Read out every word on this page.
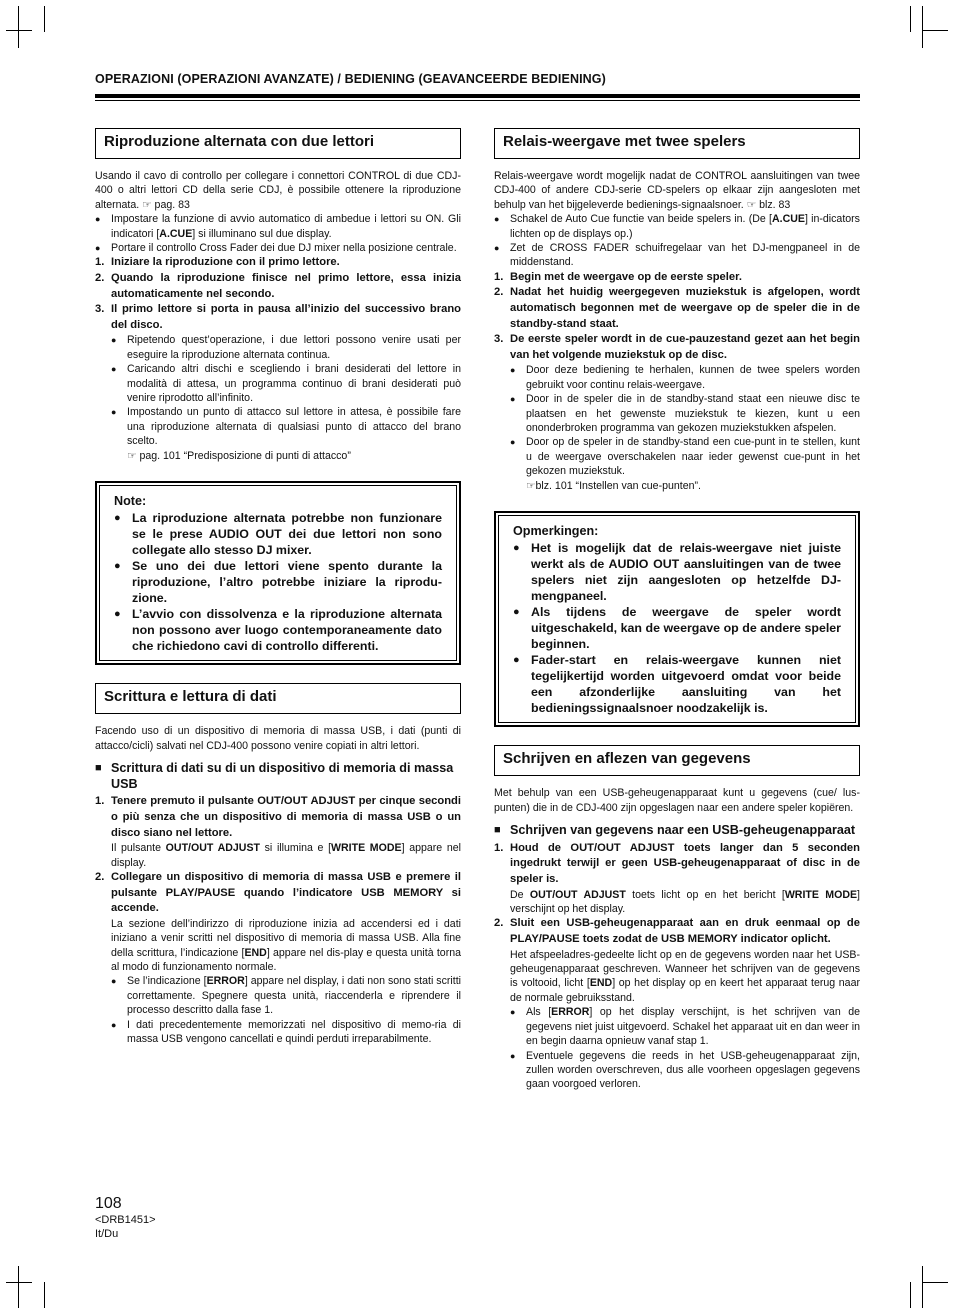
OPERAZIONI (OPERAZIONI AVANZATE) / BEDIENING (GEAVANCEERDE BEDIENING)
Riproduzione alternata con due lettori

Usando il cavo di controllo per collegare i connettori CONTROL di due CDJ-400 o altri lettori CD della serie CDJ, è possibile ottenere la riproduzione alternata. ☞ pag. 83

● Impostare la funzione di avvio automatico di ambedue i lettori su ON. Gli indicatori [A.CUE] si illuminano sul due display.
● Portare il controllo Cross Fader dei due DJ mixer nella posizione centrale.
1. Iniziare la riproduzione con il primo lettore.
2. Quando la riproduzione finisce nel primo lettore, essa inizia automaticamente nel secondo.
3. Il primo lettore si porta in pausa all’inizio del successivo brano del disco.
● Ripetendo quest’operazione, i due lettori possono venire usati per eseguire la riproduzione alternata continua.
● Caricando altri dischi e scegliendo i brani desiderati del lettore in modalità di attesa, un programma continuo di brani desiderati può venire riprodotto all’infinito.
● Impostando un punto di attacco sul lettore in attesa, è possibile fare una riproduzione alternata di qualsiasi punto di attacco del brano scelto.
☞ pag. 101 “Predisposizione di punti di attacco”
Note:
● La riproduzione alternata potrebbe non funzionare se le prese AUDIO OUT dei due lettori non sono collegate allo stesso DJ mixer.
● Se uno dei due lettori viene spento durante la riproduzione, l’altro potrebbe iniziare la riprodu-zione.
● L’avvio con dissolvenza e la riproduzione alternata non possono aver luogo contemporaneamente dato che richiedono cavi di controllo differenti.
Scrittura e lettura di dati

Facendo uso di un dispositivo di memoria di massa USB, i dati (punti di attacco/cicli) salvati nel CDJ-400 possono venire copiati in altri lettori.

■ Scrittura di dati su di un dispositivo di memoria di massa USB
1. Tenere premuto il pulsante OUT/OUT ADJUST per cinque secondi o più senza che un dispositivo di memoria di massa USB o un disco siano nel lettore.
Il pulsante OUT/OUT ADJUST si illumina e [WRITE MODE] appare nel display.
2. Collegare un dispositivo di memoria di massa USB e premere il pulsante PLAY/PAUSE quando l’indicatore USB MEMORY si accende.
La sezione dell’indirizzo di riproduzione inizia ad accendersi ed i dati iniziano a venir scritti nel dispositivo di memoria di massa USB. Alla fine della scrittura, l’indicazione [END] appare nel dis-play e questa unità torna al modo di funzionamento normale.
● Se l’indicazione [ERROR] appare nel display, i dati non sono stati scritti correttamente. Spegnere questa unità, riaccenderla e riprendere il processo descritto dalla fase 1.
● I dati precedentemente memorizzati nel dispositivo di memo-ria di massa USB vengono cancellati e quindi perduti irreparabilmente.
Relais-weergave met twee spelers

Relais-weergave wordt mogelijk nadat de CONTROL aansluitingen van twee CDJ-400 of andere CDJ-serie CD-spelers op elkaar zijn aangesloten met behulp van het bijgeleverde bedienings-signaalsnoer. ☞ blz. 83

● Schakel de Auto Cue functie van beide spelers in. (De [A.CUE] in-dicators lichten op de displays op.)
● Zet de CROSS FADER schuifregelaar van het DJ-mengpaneel in de middenstand.
1. Begin met de weergave op de eerste speler.
2. Nadat het huidig weergegeven muziekstuk is afgelopen, wordt automatisch begonnen met de weergave op de speler die in de standby-stand staat.
3. De eerste speler wordt in de cue-pauzestand gezet aan het begin van het volgende muziekstuk op de disc.
● Door deze bediening te herhalen, kunnen de twee spelers worden gebruikt voor continu relais-weergave.
● Door in de speler die in de standby-stand staat een nieuwe disc te plaatsen en het gewenste muziekstuk te kiezen, kunt u een ononderbroken programma van gekozen muziekstukken afspelen.
● Door op de speler in de standby-stand een cue-punt in te stellen, kunt u de weergave overschakelen naar ieder gewenst cue-punt in het gekozen muziekstuk.
☞blz. 101 “Instellen van cue-punten”.
Opmerkingen:
● Het is mogelijk dat de relais-weergave niet juiste werkt als de AUDIO OUT aansluitingen van de twee spelers niet zijn aangesloten op hetzelfde DJ-mengpaneel.
● Als tijdens de weergave de speler wordt uitgeschakeld, kan de weergave op de andere speler beginnen.
● Fader-start en relais-weergave kunnen niet tegelijkertijd worden uitgevoerd omdat voor beide een afzonderlijke aansluiting van het bedieningssignaalsnoer noodzakelijk is.
Schrijven en aflezen van gegevens

Met behulp van een USB-geheugenapparaat kunt u gegevens (cue/ lus-punten) die in de CDJ-400 zijn opgeslagen naar een andere speler kopiëren.

■ Schrijven van gegevens naar een USB-geheugenapparaat
1. Houd de OUT/OUT ADJUST toets langer dan 5 seconden ingedrukt terwijl er geen USB-geheugenapparaat of disc in de speler is.
De OUT/OUT ADJUST toets licht op en het bericht [WRITE MODE] verschijnt op het display.
2. Sluit een USB-geheugenapparaat aan en druk eenmaal op de PLAY/PAUSE toets zodat de USB MEMORY indicator oplicht.
Het afspeeladres-gedeelte licht op en de gegevens worden naar het USB-geheugenapparaat geschreven. Wanneer het schrijven van de gegevens is voltooid, licht [END] op het display op en keert het apparaat terug naar de normale gebruiksstand.
● Als [ERROR] op het display verschijnt, is het schrijven van de gegevens niet juist uitgevoerd. Schakel het apparaat uit en dan weer in en begin daarna opnieuw vanaf stap 1.
● Eventuele gegevens die reeds in het USB-geheugenapparaat zijn, zullen worden overschreven, dus alle voorheen opgeslagen gegevens gaan voorgoed verloren.
108
<DRB1451>
It/Du
